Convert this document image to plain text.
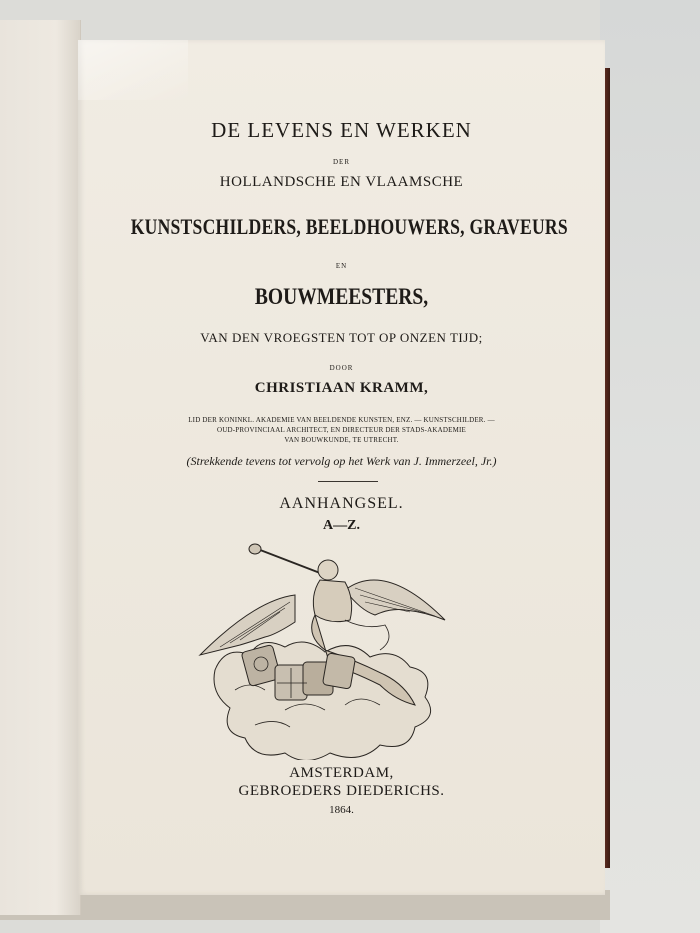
DE LEVENS EN WERKEN
DER
HOLLANDSCHE EN VLAAMSCHE
KUNSTSCHILDERS, BEELDHOUWERS, GRAVEURS
EN
BOUWMEESTERS,
VAN DEN VROEGSTEN TOT OP ONZEN TIJD;
DOOR
CHRISTIAAN KRAMM,
LID DER KONINKL. AKADEMIE VAN BEELDENDE KUNSTEN, ENZ. — KUNSTSCHILDER. —
OUD-PROVINCIAAL ARCHITECT, EN DIRECTEUR DER STADS-AKADEMIE
VAN BOUWKUNDE, TE UTRECHT.
(Strekkende tevens tot vervolg op het Werk van J. Immerzeel, Jr.)
AANHANGSEL.
A—Z.
AMSTERDAM,
GEBROEDERS DIEDERICHS.
1864.
